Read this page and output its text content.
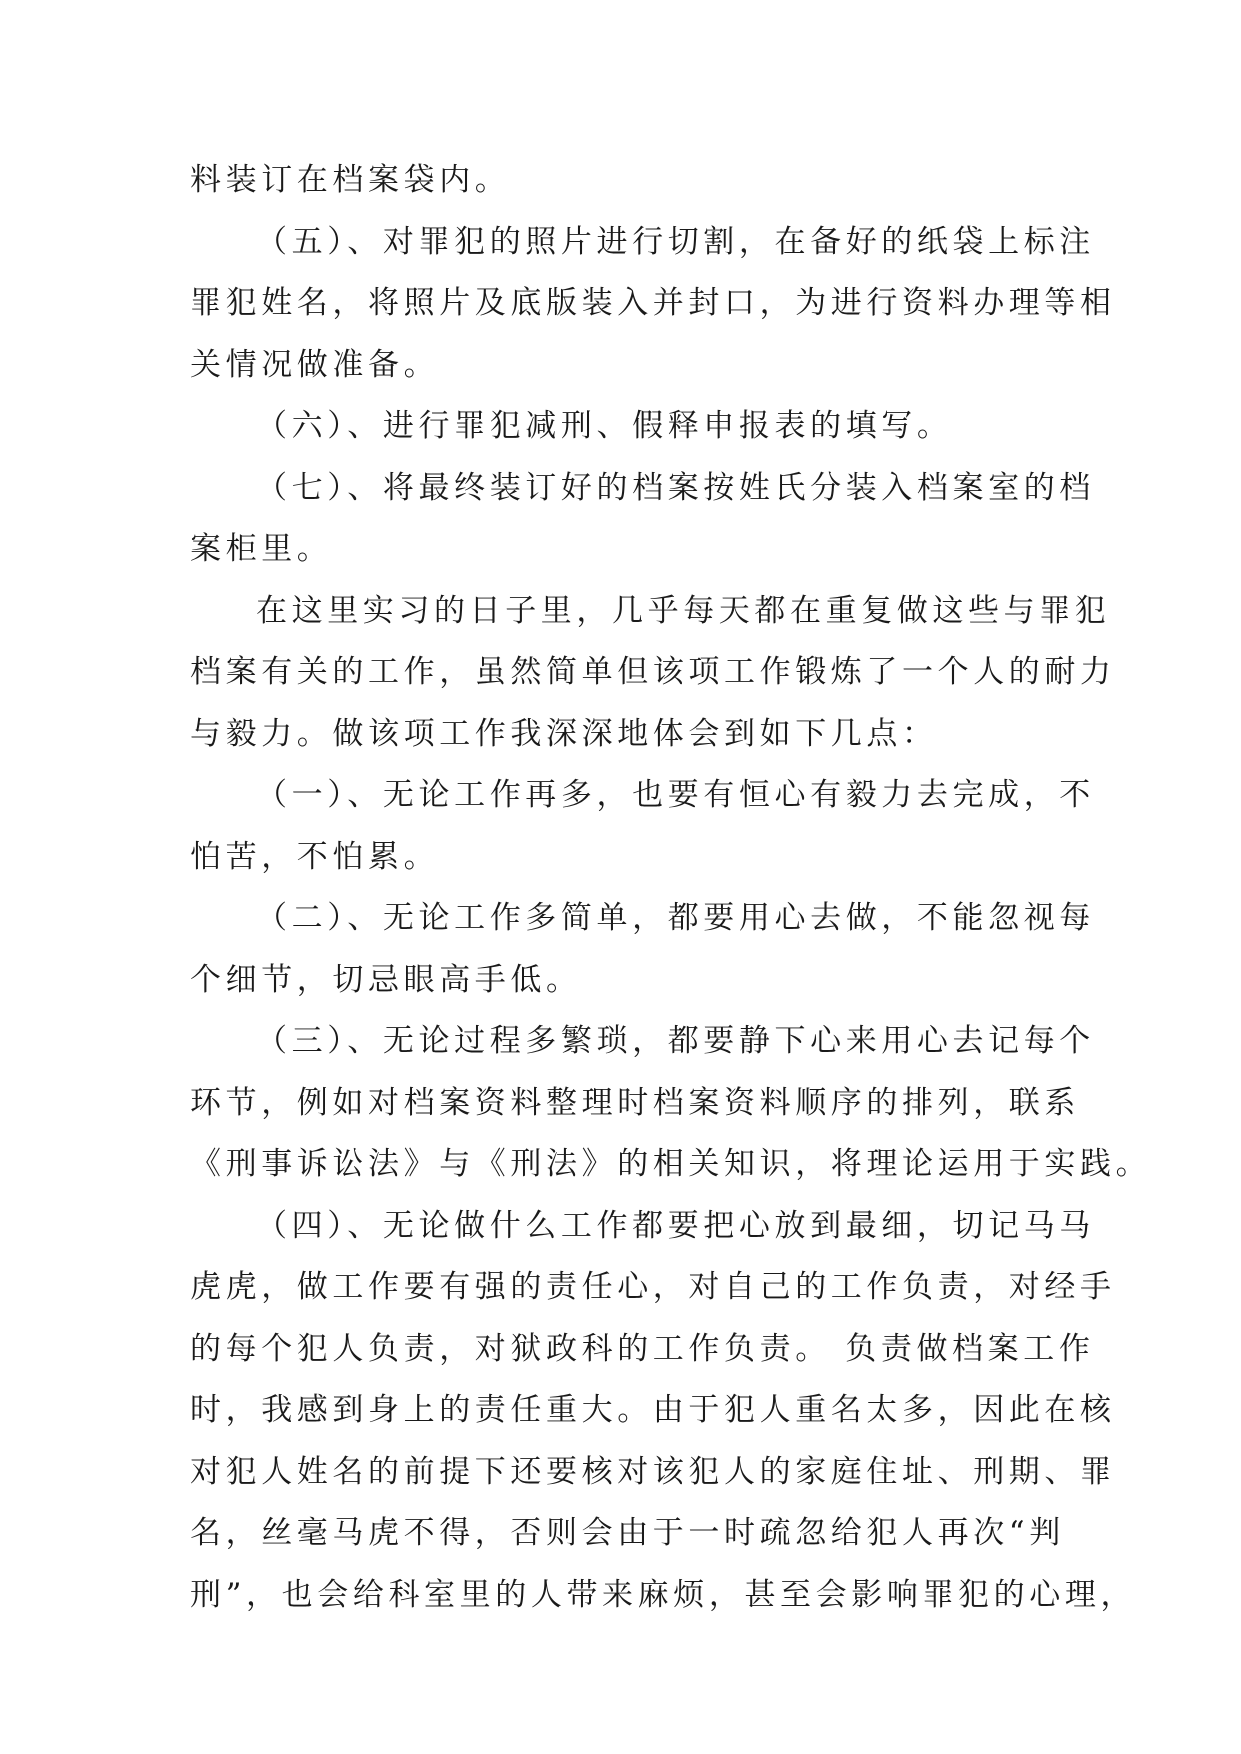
料装订在档案袋内。

（五）、对罪犯的照片进行切割，在备好的纸袋上标注
罪犯姓名，将照片及底版装入并封口，为进行资料办理等相
关情况做准备。

（六）、进行罪犯减刑、假释申报表的填写。

（七）、将最终装订好的档案按姓氏分装入档案室的档
案柜里。

在这里实习的日子里，几乎每天都在重复做这些与罪犯
档案有关的工作，虽然简单但该项工作锻炼了一个人的耐力
与毅力。做该项工作我深深地体会到如下几点：

（一）、无论工作再多，也要有恒心有毅力去完成，不
怕苦，不怕累。

（二）、无论工作多简单，都要用心去做，不能忽视每
个细节，切忌眼高手低。

（三）、无论过程多繁琐，都要静下心来用心去记每个
环节，例如对档案资料整理时档案资料顺序的排列，联系
《刑事诉讼法》与《刑法》的相关知识，将理论运用于实践。

（四）、无论做什么工作都要把心放到最细，切记马马
虎虎，做工作要有强的责任心，对自己的工作负责，对经手
的每个犯人负责，对狱政科的工作负责。 负责做档案工作
时，我感到身上的责任重大。由于犯人重名太多，因此在核
对犯人姓名的前提下还要核对该犯人的家庭住址、刑期、罪
名，丝毫马虎不得，否则会由于一时疏忽给犯人再次“判
刑”，也会给科室里的人带来麻烦，甚至会影响罪犯的心理，
